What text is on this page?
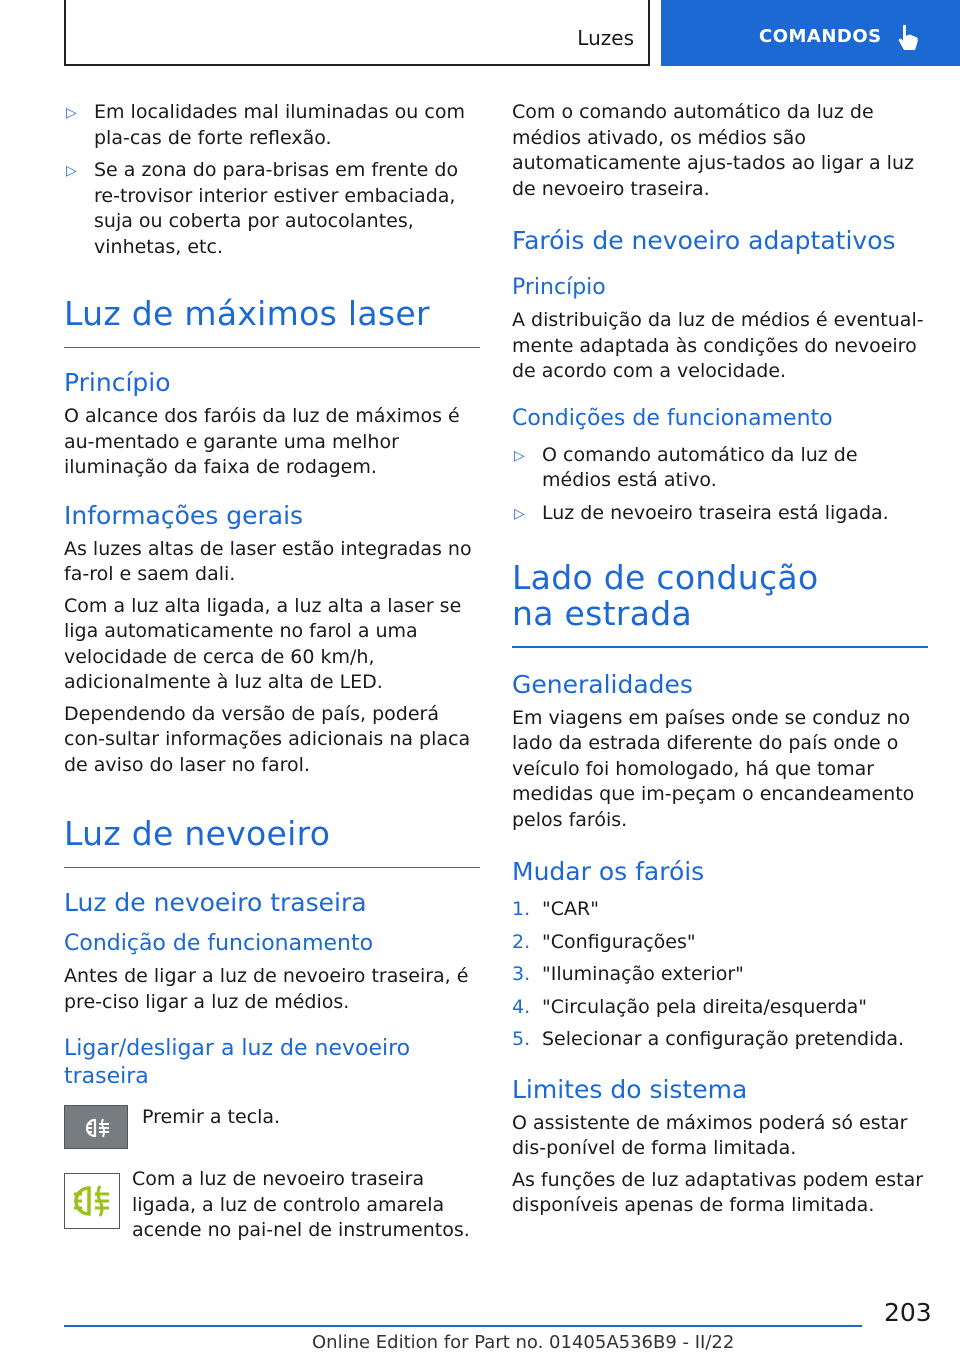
Luzes	COMANDOS
▷ Em localidades mal iluminadas ou com pla‐cas de forte reflexão.
▷ Se a zona do para-brisas em frente do re‐trovisor interior estiver embaciada, suja ou coberta por autocolantes, vinhetas, etc.
Luz de máximos laser
Princípio

O alcance dos faróis da luz de máximos é au‐mentado e garante uma melhor iluminação da faixa de rodagem.

Informações gerais

As luzes altas de laser estão integradas no fa‐rol e saem dali.

Com a luz alta ligada, a luz alta a laser se liga automaticamente no farol a uma velocidade de cerca de 60 km/h, adicionalmente à luz alta de LED.

Dependendo da versão de país, poderá con‐sultar informações adicionais na placa de aviso do laser no farol.

Luz de nevoeiro
Luz de nevoeiro traseira
Condição de funcionamento

Antes de ligar a luz de nevoeiro traseira, é pre‐ciso ligar a luz de médios.

Ligar/desligar a luz de nevoeiro traseira

Premir a tecla.

Com a luz de nevoeiro traseira ligada, a luz de controlo amarela acende no pai‐nel de instrumentos.

Com o comando automático da luz de médios ativado, os médios são automaticamente ajus‐tados ao ligar a luz de nevoeiro traseira.

Faróis de nevoeiro adaptativos
Princípio

A distribuição da luz de médios é eventual‐mente adaptada às condições do nevoeiro de acordo com a velocidade.

Condições de funcionamento
▷ O comando automático da luz de médios está ativo.
▷ Luz de nevoeiro traseira está ligada.
Lado de condução na estrada
Generalidades

Em viagens em países onde se conduz no lado da estrada diferente do país onde o veículo foi homologado, há que tomar medidas que im‐peçam o encandeamento pelos faróis.

Mudar os faróis
1. "CAR"
2. "Configurações"
3. "Iluminação exterior"
4. "Circulação pela direita/esquerda"
5. Selecionar a configuração pretendida.
Limites do sistema

O assistente de máximos poderá só estar dis‐ponível de forma limitada.

As funções de luz adaptativas podem estar disponíveis apenas de forma limitada.

203
Online Edition for Part no. 01405A536B9 - II/22
